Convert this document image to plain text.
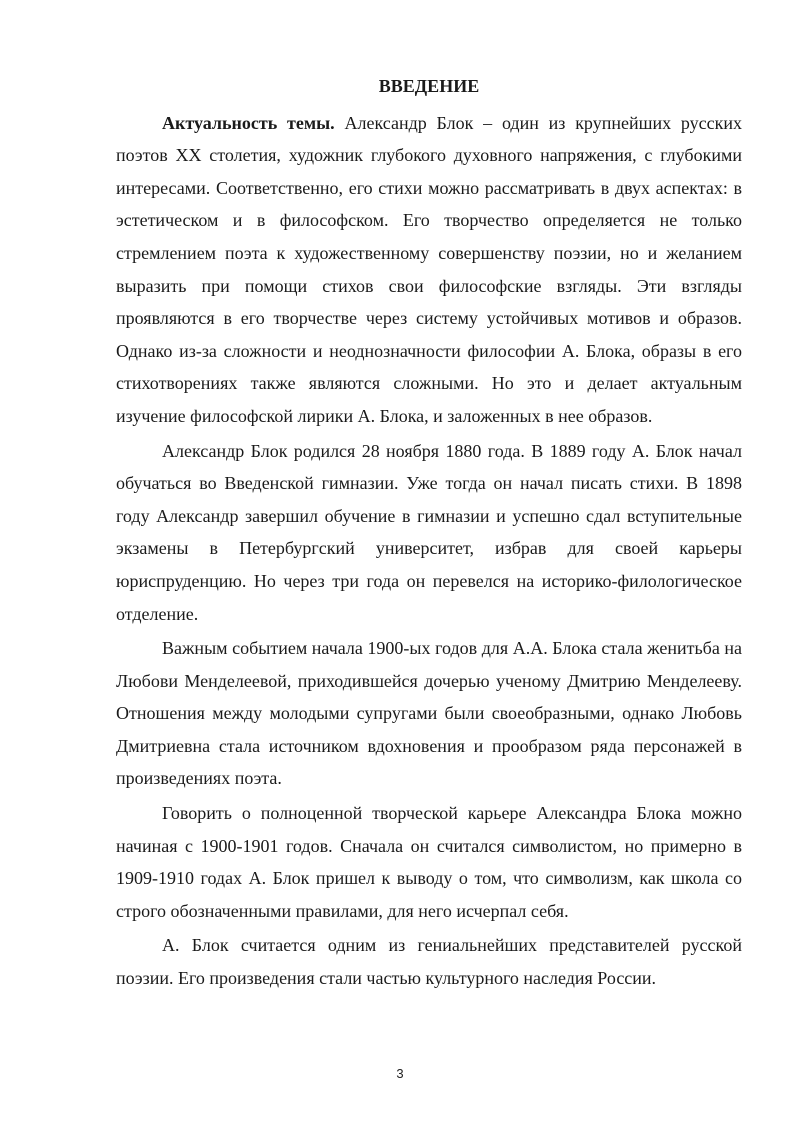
ВВЕДЕНИЕ

Актуальность темы. Александр Блок – один из крупнейших русских поэтов XX столетия, художник глубокого духовного напряжения, с глубокими интересами. Соответственно, его стихи можно рассматривать в двух аспектах: в эстетическом и в философском. Его творчество определяется не только стремлением поэта к художественному совершенству поэзии, но и желанием выразить при помощи стихов свои философские взгляды. Эти взгляды проявляются в его творчестве через систему устойчивых мотивов и образов. Однако из-за сложности и неоднозначности философии А. Блока, образы в его стихотворениях также являются сложными. Но это и делает актуальным изучение философской лирики А. Блока, и заложенных в нее образов.

Александр Блок родился 28 ноября 1880 года. В 1889 году А. Блок начал обучаться во Введенской гимназии. Уже тогда он начал писать стихи. В 1898 году Александр завершил обучение в гимназии и успешно сдал вступительные экзамены в Петербургский университет, избрав для своей карьеры юриспруденцию. Но через три года он перевелся на историко-филологическое отделение.

Важным событием начала 1900-ых годов для А.А. Блока стала женитьба на Любови Менделеевой, приходившейся дочерью ученому Дмитрию Менделееву. Отношения между молодыми супругами были своеобразными, однако Любовь Дмитриевна стала источником вдохновения и прообразом ряда персонажей в произведениях поэта.

Говорить о полноценной творческой карьере Александра Блока можно начиная с 1900-1901 годов. Сначала он считался символистом, но примерно в 1909-1910 годах А. Блок пришел к выводу о том, что символизм, как школа со строго обозначенными правилами, для него исчерпал себя.

А. Блок считается одним из гениальнейших представителей русской поэзии. Его произведения стали частью культурного наследия России.

3
